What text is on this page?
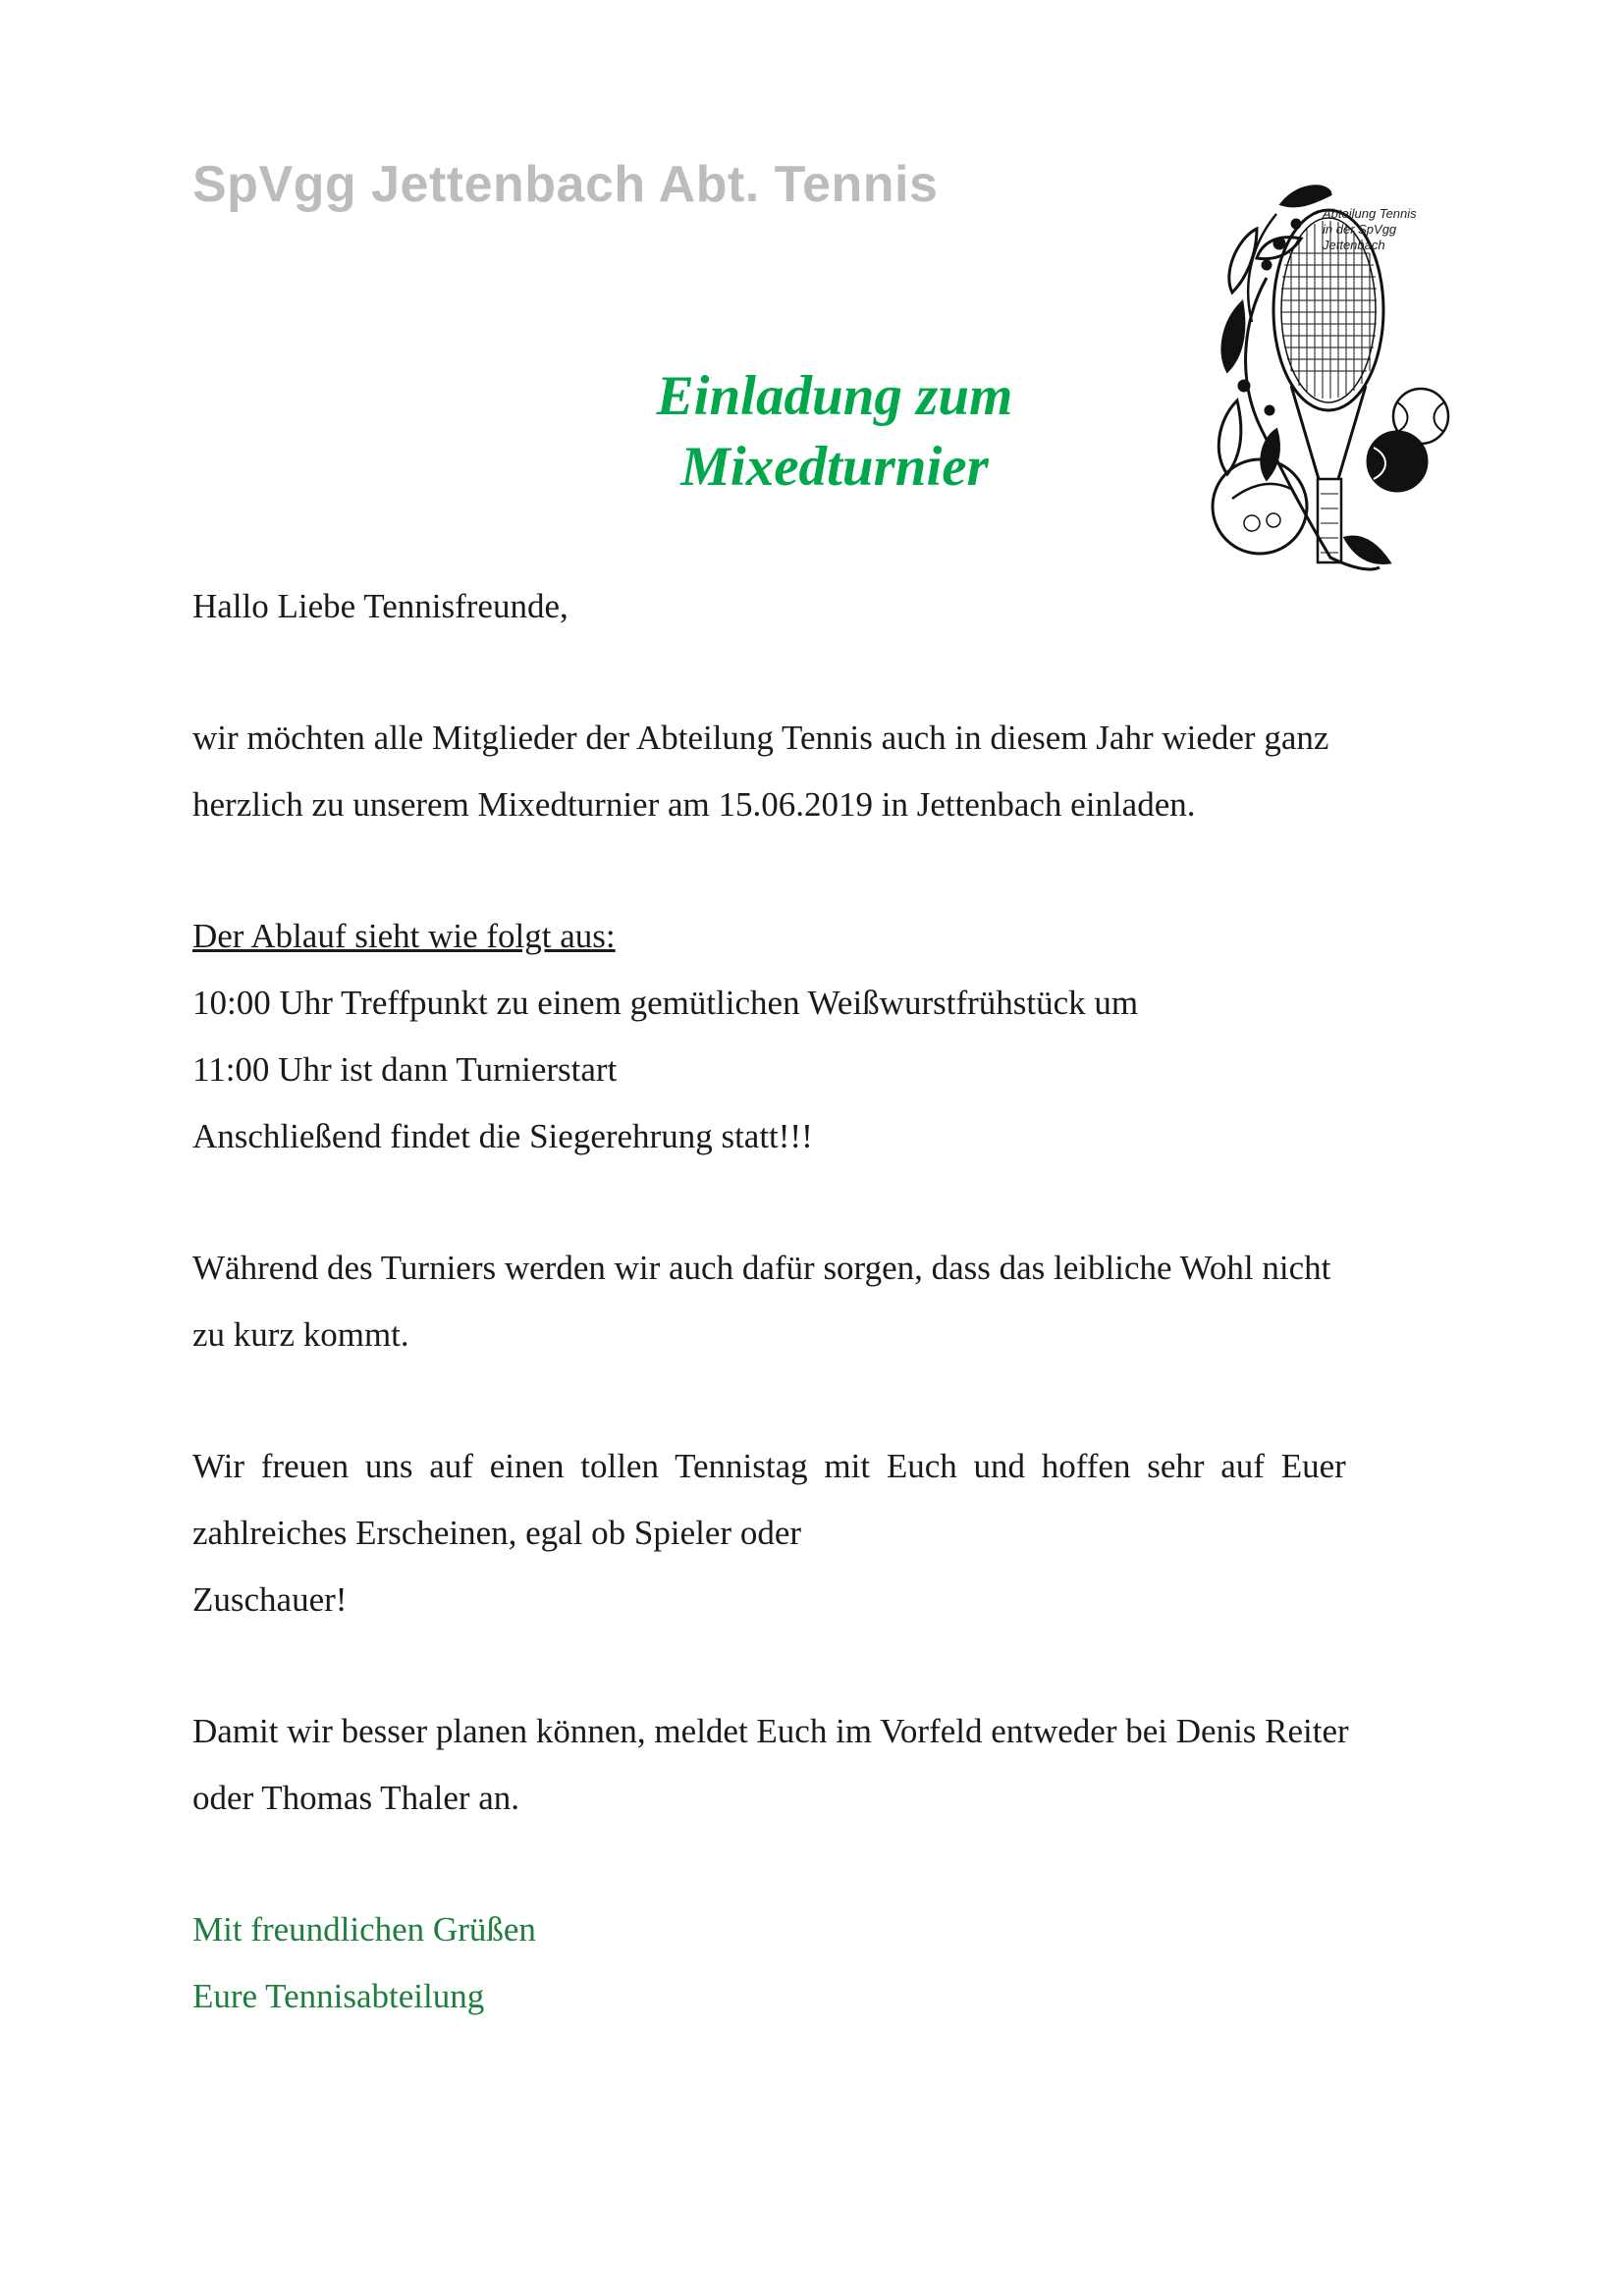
SpVgg Jettenbach Abt. Tennis
Abteilung Tennis
in der SpVgg
Jettenbach
Einladung zum
Mixedturnier
Hallo Liebe Tennisfreunde,
wir möchten alle Mitglieder der Abteilung Tennis auch in diesem Jahr wieder ganz
herzlich zu unserem Mixedturnier am 15.06.2019 in Jettenbach einladen.
Der Ablauf sieht wie folgt aus:
10:00 Uhr Treffpunkt zu einem gemütlichen Weißwurstfrühstück um
11:00 Uhr ist dann Turnierstart
Anschließend findet die Siegerehrung statt!!!
Während des Turniers werden wir auch dafür sorgen, dass das leibliche Wohl nicht
zu kurz kommt.
Wir freuen uns auf einen tollen Tennistag mit Euch und hoffen sehr auf Euer
zahlreiches Erscheinen, egal ob Spieler oder
Zuschauer!
Damit wir besser planen können, meldet Euch im Vorfeld entweder bei Denis Reiter
oder Thomas Thaler an.
Mit freundlichen Grüßen
Eure Tennisabteilung
